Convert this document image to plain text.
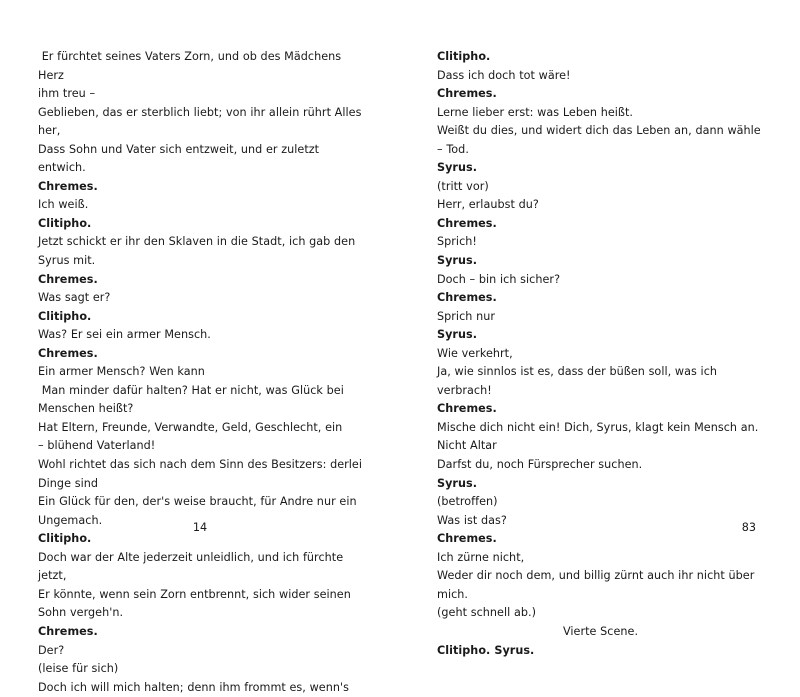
Er fürchtet seines Vaters Zorn, und ob des Mädchens Herz
ihm treu –
Geblieben, das er sterblich liebt; von ihr allein rührt Alles
her,
Dass Sohn und Vater sich entzweit, und er zuletzt entwich.
Chremes.
Ich weiß.
Clitipho.
Jetzt schickt er ihr den Sklaven in die Stadt, ich gab den
Syrus mit.
Chremes.
Was sagt er?
Clitipho.
Was? Er sei ein armer Mensch.
Chremes.
Ein armer Mensch? Wen kann
Man minder dafür halten? Hat er nicht, was Glück bei
Menschen heißt?
Hat Eltern, Freunde, Verwandte, Geld, Geschlecht, ein
– blühend Vaterland!
Wohl richtet das sich nach dem Sinn des Besitzers: derlei
Dinge sind
Ein Glück für den, der's weise braucht, für Andre nur ein
Ungemach.
Clitipho.
Doch war der Alte jederzeit unleidlich, und ich fürchte jetzt,
Er könnte, wenn sein Zorn entbrennt, sich wider seinen
Sohn vergeh'n.
Chremes.
Der?
(leise für sich)
Doch ich will mich halten; denn ihm frommt es, wenn's
14
Clitipho.
Dass ich doch tot wäre!
Chremes.
Lerne lieber erst: was Leben heißt.
Weißt du dies, und widert dich das Leben an, dann wähle
– Tod.
Syrus.
(tritt vor)
Herr, erlaubst du?
Chremes.
Sprich!
Syrus.
Doch – bin ich sicher?
Chremes.
Sprich nur
Syrus.
Wie verkehrt,
Ja, wie sinnlos ist es, dass der büßen soll, was ich verbrach!
Chremes.
Mische dich nicht ein! Dich, Syrus, klagt kein Mensch an.
Nicht Altar
Darfst du, noch Fürsprecher suchen.
Syrus.
(betroffen)
Was ist das?
Chremes.
Ich zürne nicht,
Weder dir noch dem, und billig zürnt auch ihr nicht über
mich.
(geht schnell ab.)
Vierte Scene.
Clitipho. Syrus.
83
